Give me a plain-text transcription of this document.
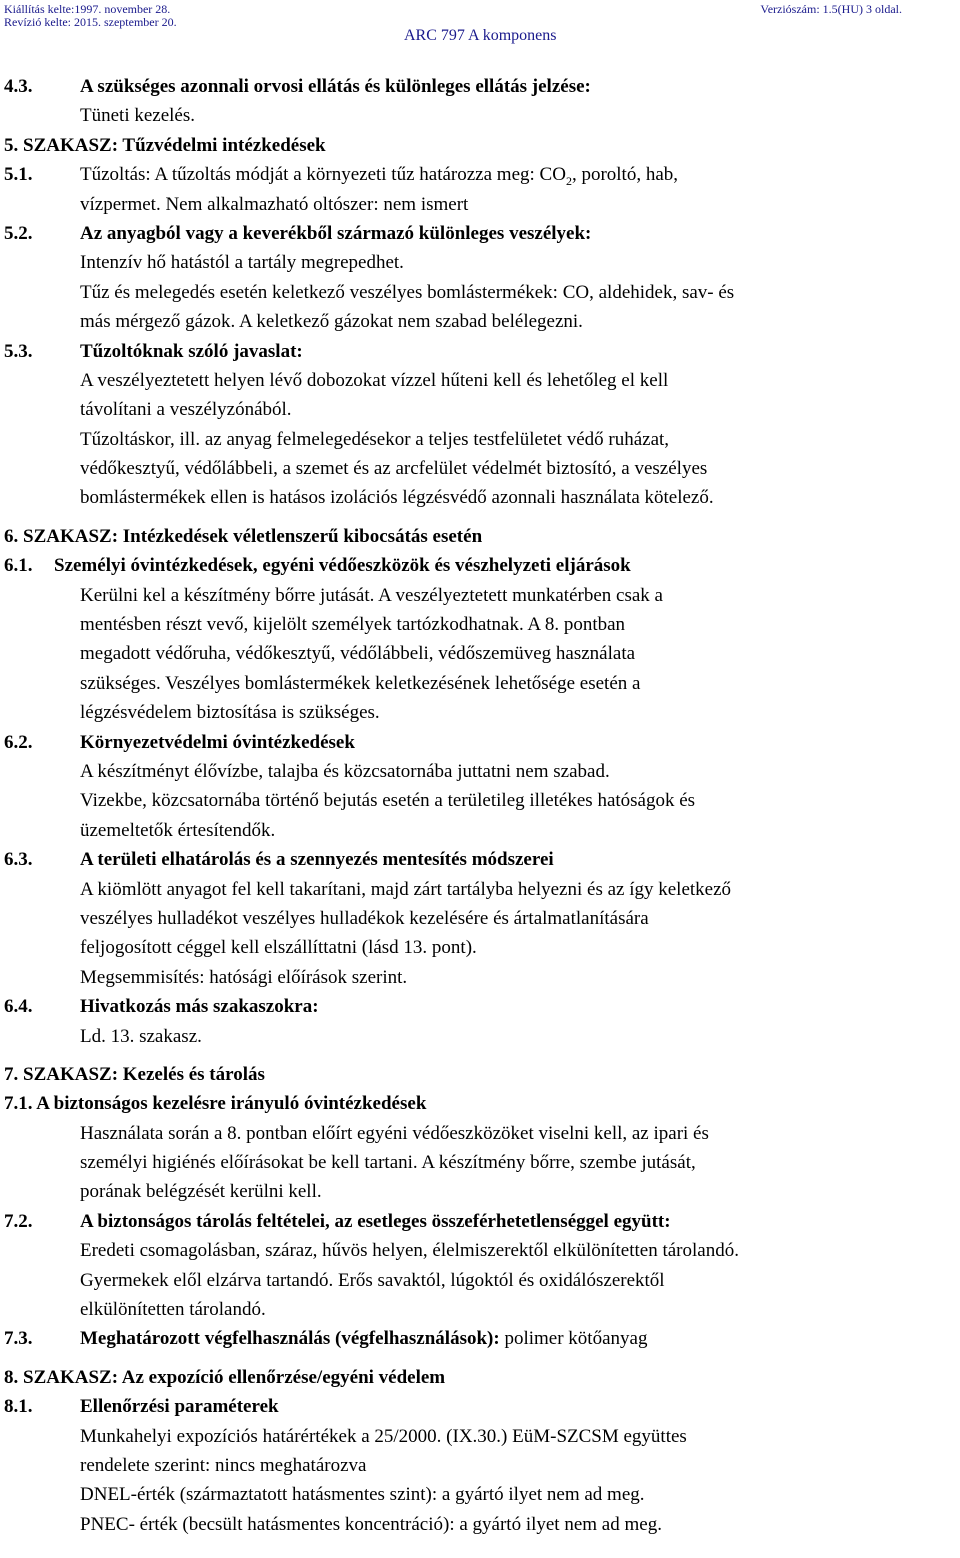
Kiállítás kelte:1997. november 28.
Revízió kelte: 2015. szeptember 20.
Verziószám: 1.5(HU) 3 oldal.
ARC 797 A komponens
4.3.	A szükséges azonnali orvosi ellátás és különleges ellátás jelzése:
Tüneti kezelés.
5. SZAKASZ: Tűzvédelmi intézkedések
5.1.	Tűzoltás: A tűzoltás módját a környezeti tűz határozza meg: $CO_2$, poroltó, hab,
vízpermet. Nem alkalmazható oltószer: nem ismert
5.2.	Az anyagból vagy a keverékből származó különleges veszélyek:
Intenzív hő hatástól a tartály megrepedhet.
Tűz és melegedés esetén keletkező veszélyes bomlástermékek: CO, aldehidek, sav- és
más mérgező gázok. A keletkező gázokat nem szabad belélegezni.
5.3.	Tűzoltóknak szóló javaslat:
A veszélyeztetett helyen lévő dobozokat vízzel hűteni kell és lehetőleg el kell
távolítani a veszélyzónából.
Tűzoltáskor, ill. az anyag felmelegedésekor a teljes testfelületet védő ruházat,
védőkesztyű, védőlábbeli, a szemet és az arcfelület védelmét biztosító, a veszélyes
bomlástermékek ellen is hatásos izolációs légzésvédő azonnali használata kötelező.
6. SZAKASZ: Intézkedések véletlenszerű kibocsátás esetén
6.1. Személyi óvintézkedések, egyéni védőeszközök és vészhelyzeti eljárások
Kerülni kel a készítmény bőrre jutását. A veszélyeztetett munkatérben csak a
mentésben részt vevő, kijelölt személyek tartózkodhatnak. A 8. pontban
megadott védőruha, védőkesztyű, védőlábbeli, védőszemüveg használata
szükséges. Veszélyes bomlástermékek keletkezésének lehetősége esetén a
légzésvédelem biztosítása is szükséges.
6.2.	Környezetvédelmi óvintézkedések
A készítményt élővízbe, talajba és közcsatornába juttatni nem szabad.
Vizekbe, közcsatornába történő bejutás esetén a területileg illetékes hatóságok és
üzemeltetők értesítendők.
6.3.	A területi elhatárolás és a szennyezés mentesítés módszerei
A kiömlött anyagot fel kell takarítani, majd zárt tartályba helyezni és az így keletkező
veszélyes hulladékot veszélyes hulladékok kezelésére és ártalmatlanítására
feljogosított céggel kell elszállíttatni (lásd 13. pont).
Megsemmisítés: hatósági előírások szerint.
6.4.	Hivatkozás más szakaszokra:
Ld. 13. szakasz.
7. SZAKASZ: Kezelés és tárolás
7.1. A biztonságos kezelésre irányuló óvintézkedések
Használata során a 8. pontban előírt egyéni védőeszközöket viselni kell, az ipari és
személyi higiénés előírásokat be kell tartani. A készítmény bőrre, szembe jutását,
porának belégzését kerülni kell.
7.2.	A biztonságos tárolás feltételei, az esetleges összeférhetetlenséggel együtt:
Eredeti csomagolásban, száraz, hűvös helyen, élelmiszerektől elkülönítetten tárolandó.
Gyermekek elől elzárva tartandó. Erős savaktól, lúgoktól és oxidálószerektől
elkülönítetten tárolandó.
7.3.	Meghatározott végfelhasználás (végfelhasználások): polimer kötőanyag
8. SZAKASZ: Az expozíció ellenőrzése/egyéni védelem
8.1.	Ellenőrzési paraméterek
Munkahelyi expozíciós határértékek a 25/2000. (IX.30.) EüM-SZCSM együttes
rendelete szerint: nincs meghatározva
DNEL-érték (származtatott hatásmentes szint): a gyártó ilyet nem ad meg.
PNEC- érték (becsült hatásmentes koncentráció): a gyártó ilyet nem ad meg.
